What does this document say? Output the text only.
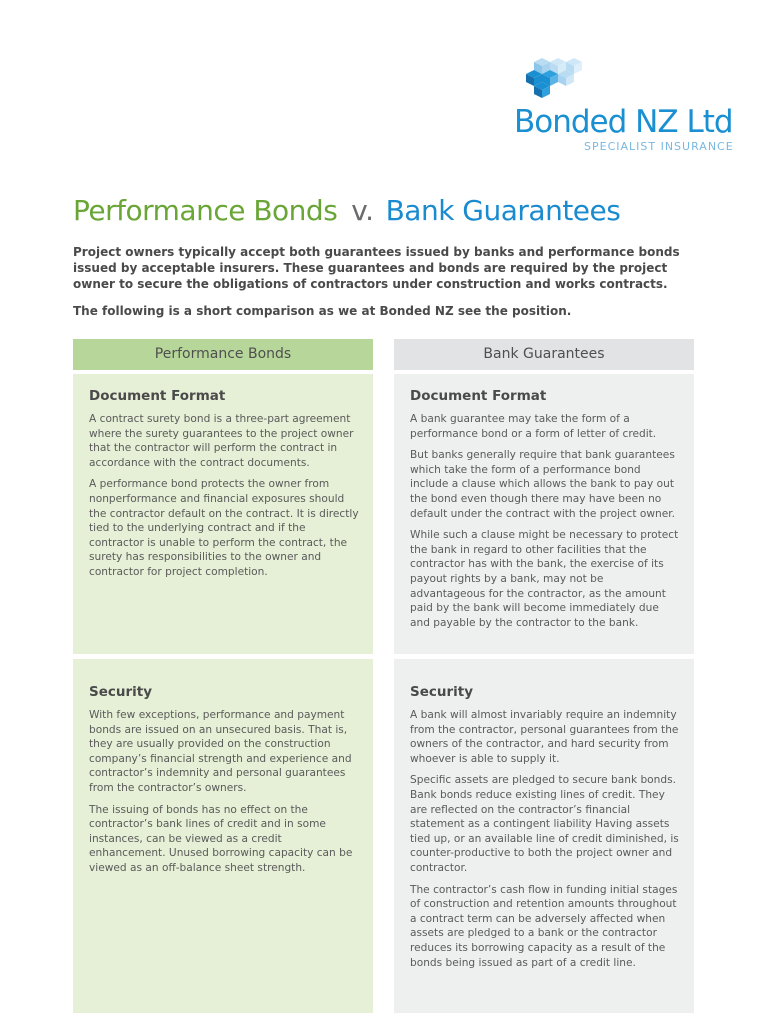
Bonded NZ Ltd
SPECIALIST INSURANCE
Performance Bonds v. Bank Guarantees

Project owners typically accept both guarantees issued by banks and performance bonds issued by acceptable insurers. These guarantees and bonds are required by the project owner to secure the obligations of contractors under construction and works contracts.

The following is a short comparison as we at Bonded NZ see the position.

Performance Bonds	Bank Guarantees
Document Format

A contract surety bond is a three-part agreement where the surety guarantees to the project owner that the contractor will perform the contract in accordance with the contract documents.

A performance bond protects the owner from nonperformance and financial exposures should the contractor default on the contract. It is directly tied to the underlying contract and if the contractor is unable to perform the contract, the surety has responsibilities to the owner and contractor for project completion.

Document Format

A bank guarantee may take the form of a performance bond or a form of letter of credit.

But banks generally require that bank guarantees which take the form of a performance bond include a clause which allows the bank to pay out the bond even though there may have been no default under the contract with the project owner.

While such a clause might be necessary to protect the bank in regard to other facilities that the contractor has with the bank, the exercise of its payout rights by a bank, may not be advantageous for the contractor, as the amount paid by the bank will become immediately due and payable by the contractor to the bank.

Security

With few exceptions, performance and payment bonds are issued on an unsecured basis. That is, they are usually provided on the construction company’s financial strength and experience and contractor’s indemnity and personal guarantees from the contractor’s owners.

The issuing of bonds has no effect on the contractor’s bank lines of credit and in some instances, can be viewed as a credit enhancement. Unused borrowing capacity can be viewed as an off-balance sheet strength.

Security

A bank will almost invariably require an indemnity from the contractor, personal guarantees from the owners of the contractor, and hard security from whoever is able to supply it.

Specific assets are pledged to secure bank bonds. Bank bonds reduce existing lines of credit. They are reflected on the contractor’s financial statement as a contingent liability Having assets tied up, or an available line of credit diminished, is counter-productive to both the project owner and contractor.

The contractor’s cash flow in funding initial stages of construction and retention amounts throughout a contract term can be adversely affected when assets are pledged to a bank or the contractor reduces its borrowing capacity as a result of the bonds being issued as part of a credit line.
